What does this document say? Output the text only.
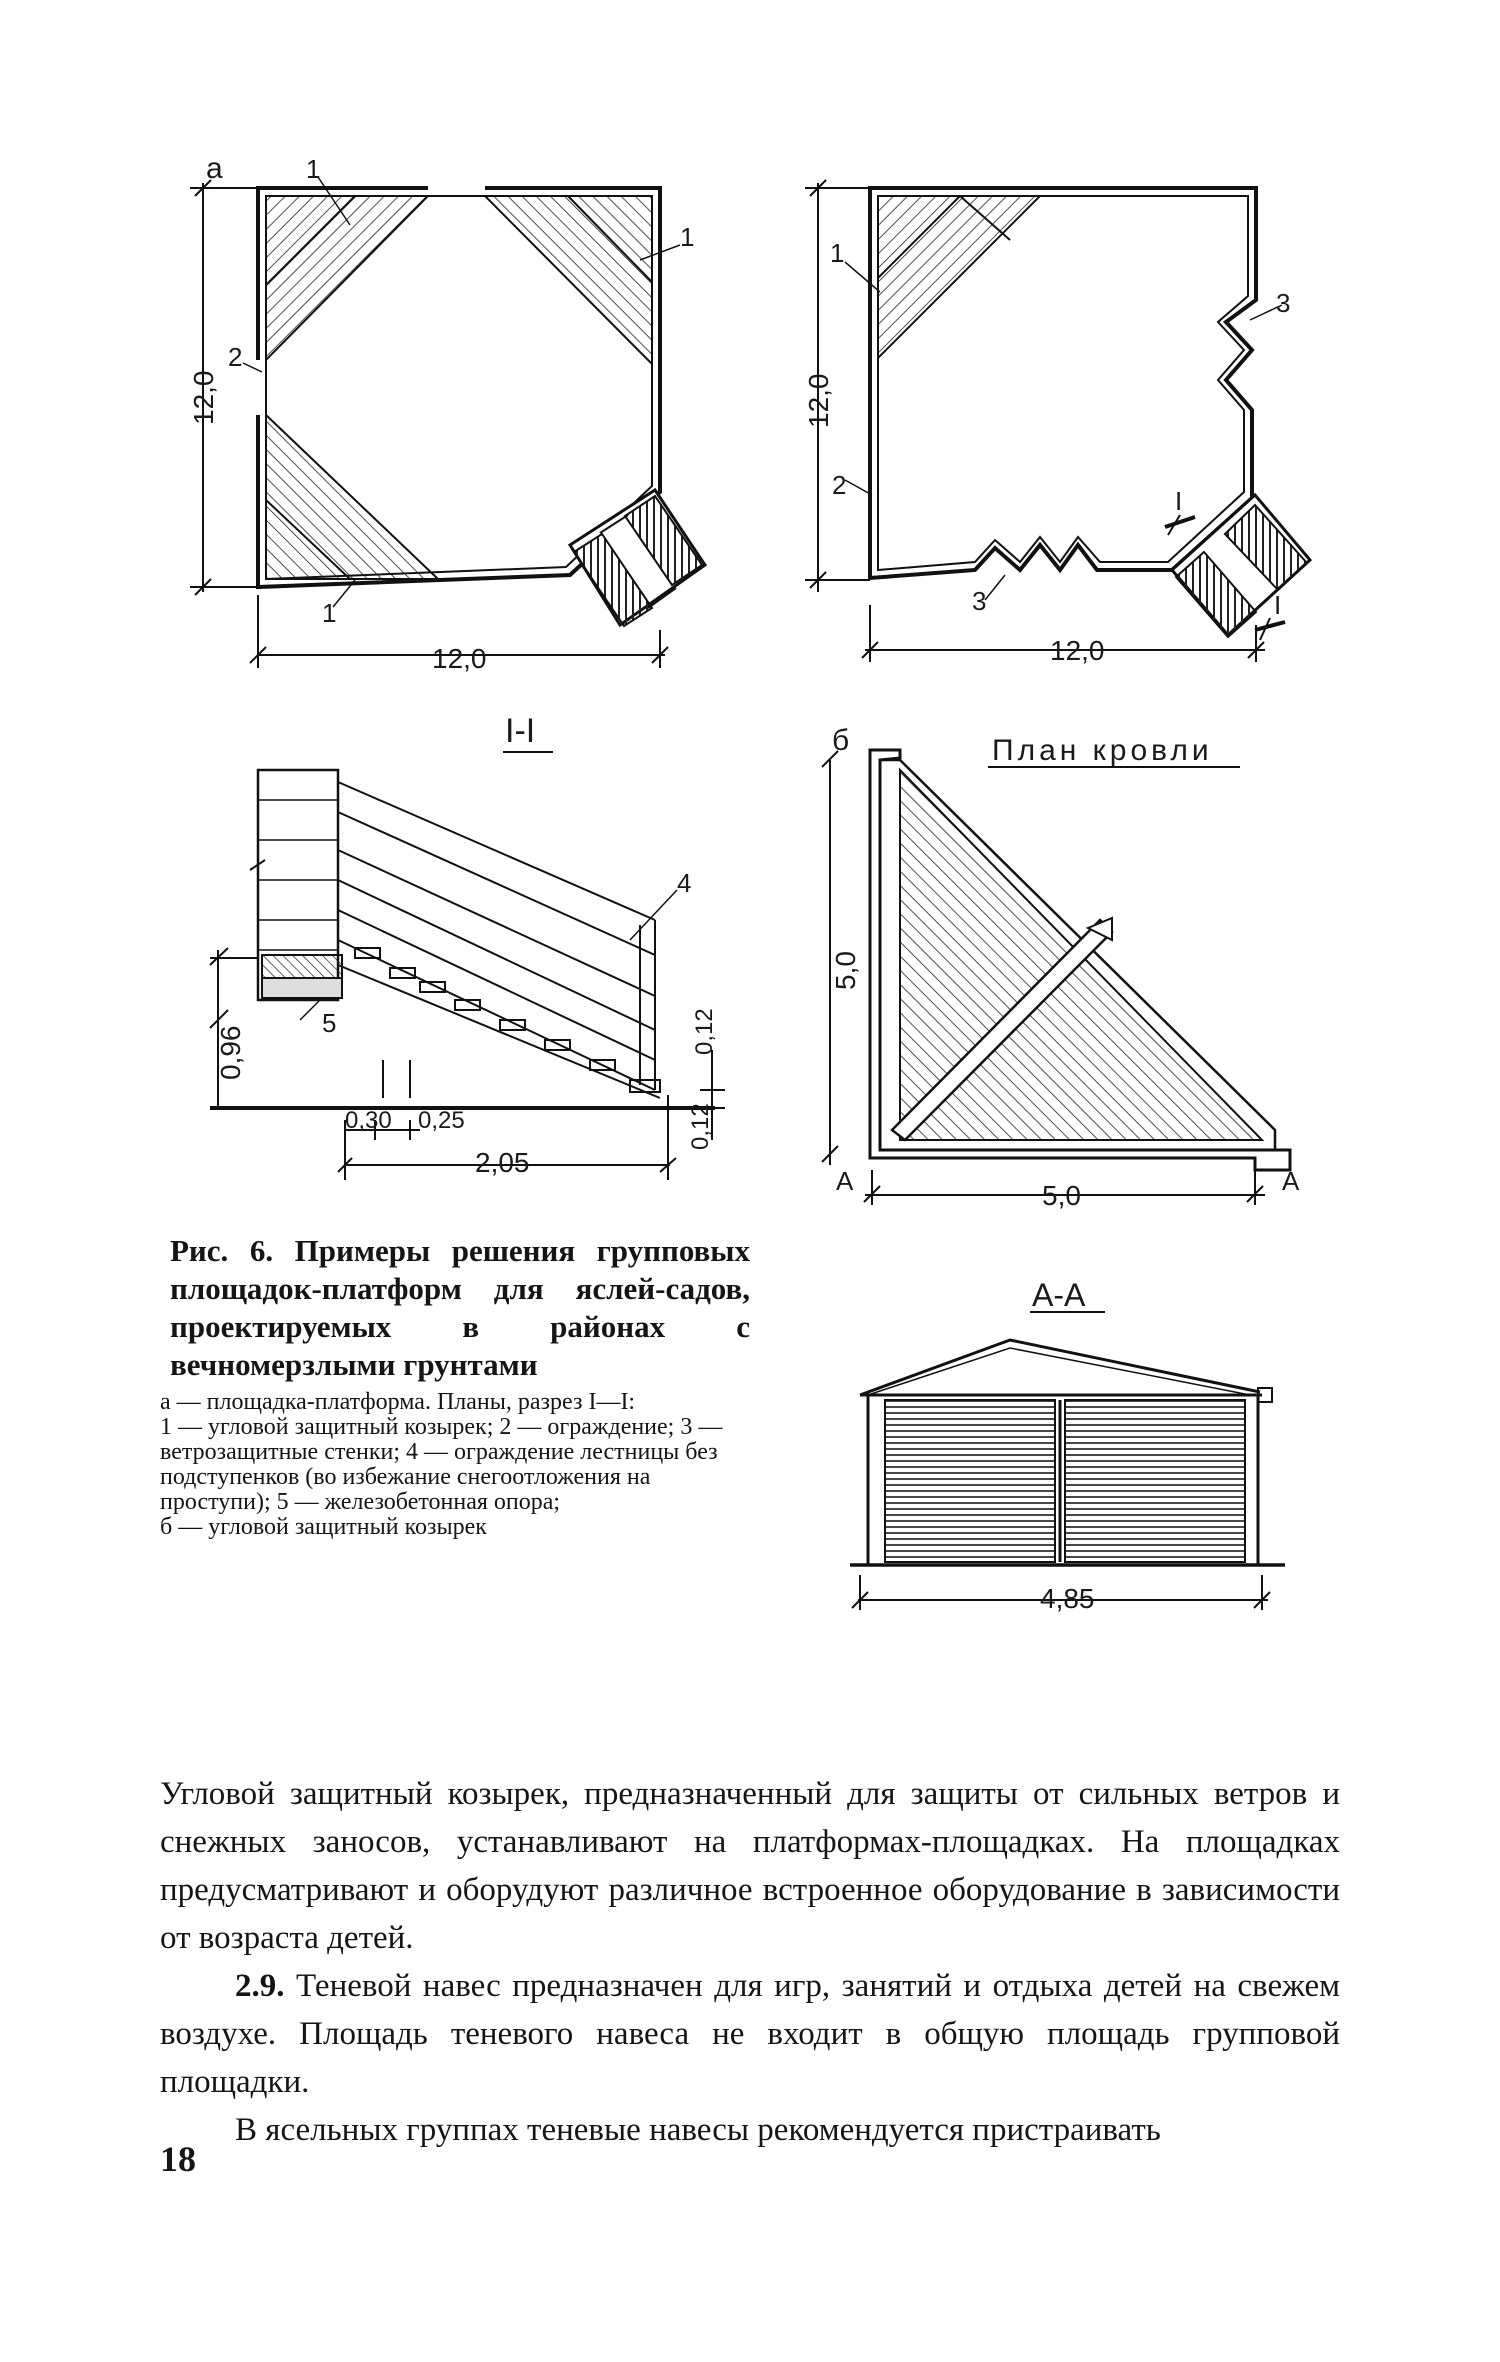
а	1
1
2
1
12,0
12,0
1
3
2
I
3	I
12,0
12,0
I-I
4
5
0,96	0,12
0,12
0,30 0,25
2,05
б	План кровли
5,0
5,0
А	А
А-А
4,85
Рис. 6. Примеры решения групповых площадок-платформ для яслей-садов, проектируемых в районах с вечномерзлыми грунтами
а — площадка-платформа. Планы, разрез I—I:
1 — угловой защитный козырек; 2 — ограждение; 3 — ветрозащитные стенки; 4 — ограждение лестницы без подступенков (во избежание снегоотложения на проступи); 5 — железобетонная опора;
б — угловой защитный козырек

Угловой защитный козырек, предназначенный для защиты от сильных ветров и снежных заносов, устанавливают на платформах-площадках. На площадках предусматривают и оборудуют различное встроенное оборудование в зависимости от возраста детей.

2.9. Теневой навес предназначен для игр, занятий и отдыха детей на свежем воздухе. Площадь теневого навеса не входит в общую площадь групповой площадки.

В ясельных группах теневые навесы рекомендуется пристраивать

18
